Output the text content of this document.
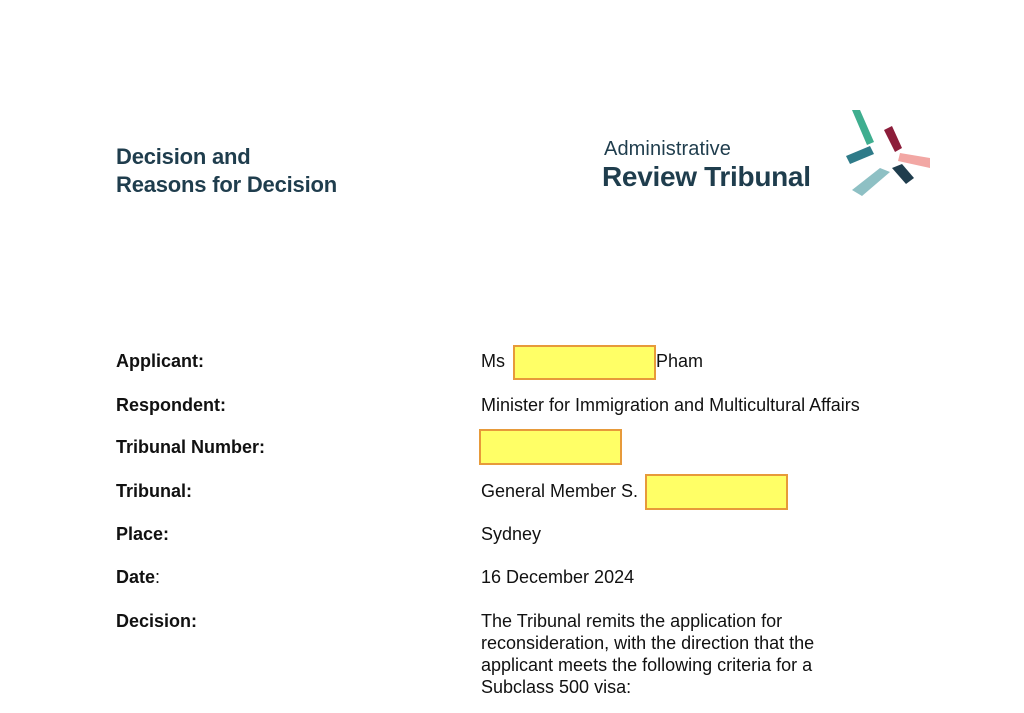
Decision and
Reasons for Decision
Administrative
Review Tribunal
Applicant:	Ms	Pham
Respondent:	Minister for Immigration and Multicultural Affairs
Tribunal Number:
Tribunal:	General Member S.
Place:	Sydney
Date:	16 December 2024
Decision:	The Tribunal remits the application for reconsideration, with the direction that the applicant meets the following criteria for a Subclass 500 visa:
